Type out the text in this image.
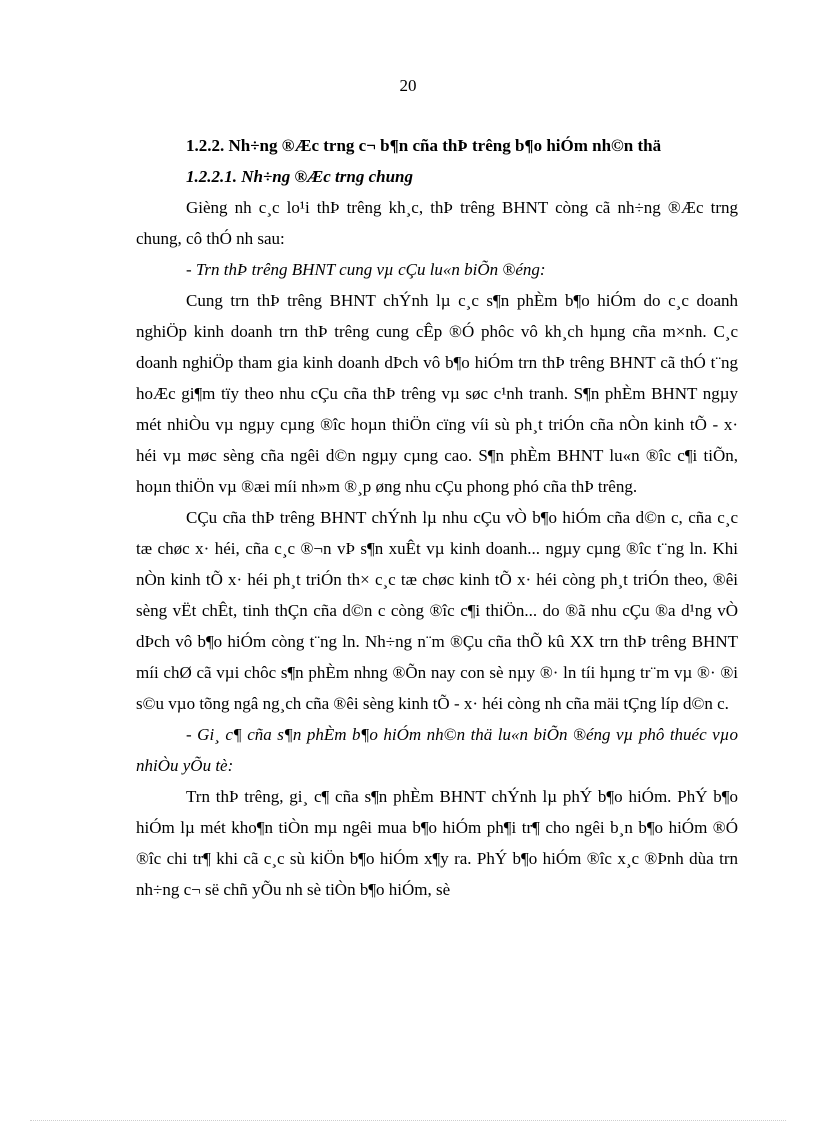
20

1.2.2. Nh÷ng ®Æc trng c¬ b¶n cña thÞ trêng b¶o hiÓm nh©n thä

1.2.2.1. Nh÷ng ®Æc trng chung

Gièng nh c¸c lo¹i thÞ trêng kh¸c, thÞ trêng BHNT còng cã nh÷ng ®Æc trng chung, cô thÓ nh sau:

- Trn thÞ trêng BHNT cung vµ cÇu lu«n biÕn ®éng:

Cung trn thÞ trêng BHNT chÝnh lµ c¸c s¶n phÈm b¶o hiÓm do c¸c doanh nghiÖp kinh doanh trn thÞ trêng cung cÊp ®Ó phôc vô kh¸ch hµng cña m×nh. C¸c doanh nghiÖp tham gia kinh doanh dÞch vô b¶o hiÓm trn thÞ trêng BHNT cã thÓ t¨ng hoÆc gi¶m tïy theo nhu cÇu cña thÞ trêng vµ søc c¹nh tranh. S¶n phÈm BHNT ngµy mét nhiÒu vµ ngµy cµng ®îc hoµn thiÖn cïng víi sù ph¸t triÓn cña nÒn kinh tÕ - x· héi vµ møc sèng cña ngêi d©n ngµy cµng cao. S¶n phÈm BHNT lu«n ®îc c¶i tiÕn, hoµn thiÖn vµ ®æi míi nh»m ®¸p øng nhu cÇu phong phó cña thÞ trêng.

CÇu cña thÞ trêng BHNT chÝnh lµ nhu cÇu vÒ b¶o hiÓm cña d©n c, cña c¸c tæ chøc x· héi, cña c¸c ®¬n vÞ s¶n xuÊt vµ kinh doanh... ngµy cµng ®îc t¨ng ln. Khi nÒn kinh tÕ x· héi ph¸t triÓn th× c¸c tæ chøc kinh tÕ x· héi còng ph¸t triÓn theo, ®êi sèng vËt chÊt, tinh thÇn cña d©n c còng ®îc c¶i thiÖn... do ®ã nhu cÇu ®a d¹ng vÒ dÞch vô b¶o hiÓm còng t¨ng ln. Nh÷ng n¨m ®Çu cña thÕ kû XX trn thÞ trêng BHNT míi chØ cã vµi chôc s¶n phÈm nhng ®Õn nay con sè nµy ®· ln tíi hµng tr¨m vµ ®· ®i s©u vµo tõng ngâ ng¸ch cña ®êi sèng kinh tÕ - x· héi còng nh cña mäi tÇng líp d©n c.

- Gi¸ c¶ cña s¶n phÈm b¶o hiÓm nh©n thä lu«n biÕn ®éng vµ phô thuéc vµo nhiÒu yÕu tè:

Trn thÞ trêng, gi¸ c¶ cña s¶n phÈm BHNT chÝnh lµ phÝ b¶o hiÓm. PhÝ b¶o hiÓm lµ mét kho¶n tiÒn mµ ngêi mua b¶o hiÓm ph¶i tr¶ cho ngêi b¸n b¶o hiÓm ®Ó ®îc chi tr¶ khi cã c¸c sù kiÖn b¶o hiÓm x¶y ra. PhÝ b¶o hiÓm ®îc x¸c ®Þnh dùa trn nh÷ng c¬ së chñ yÕu nh sè tiÒn b¶o hiÓm, sè
